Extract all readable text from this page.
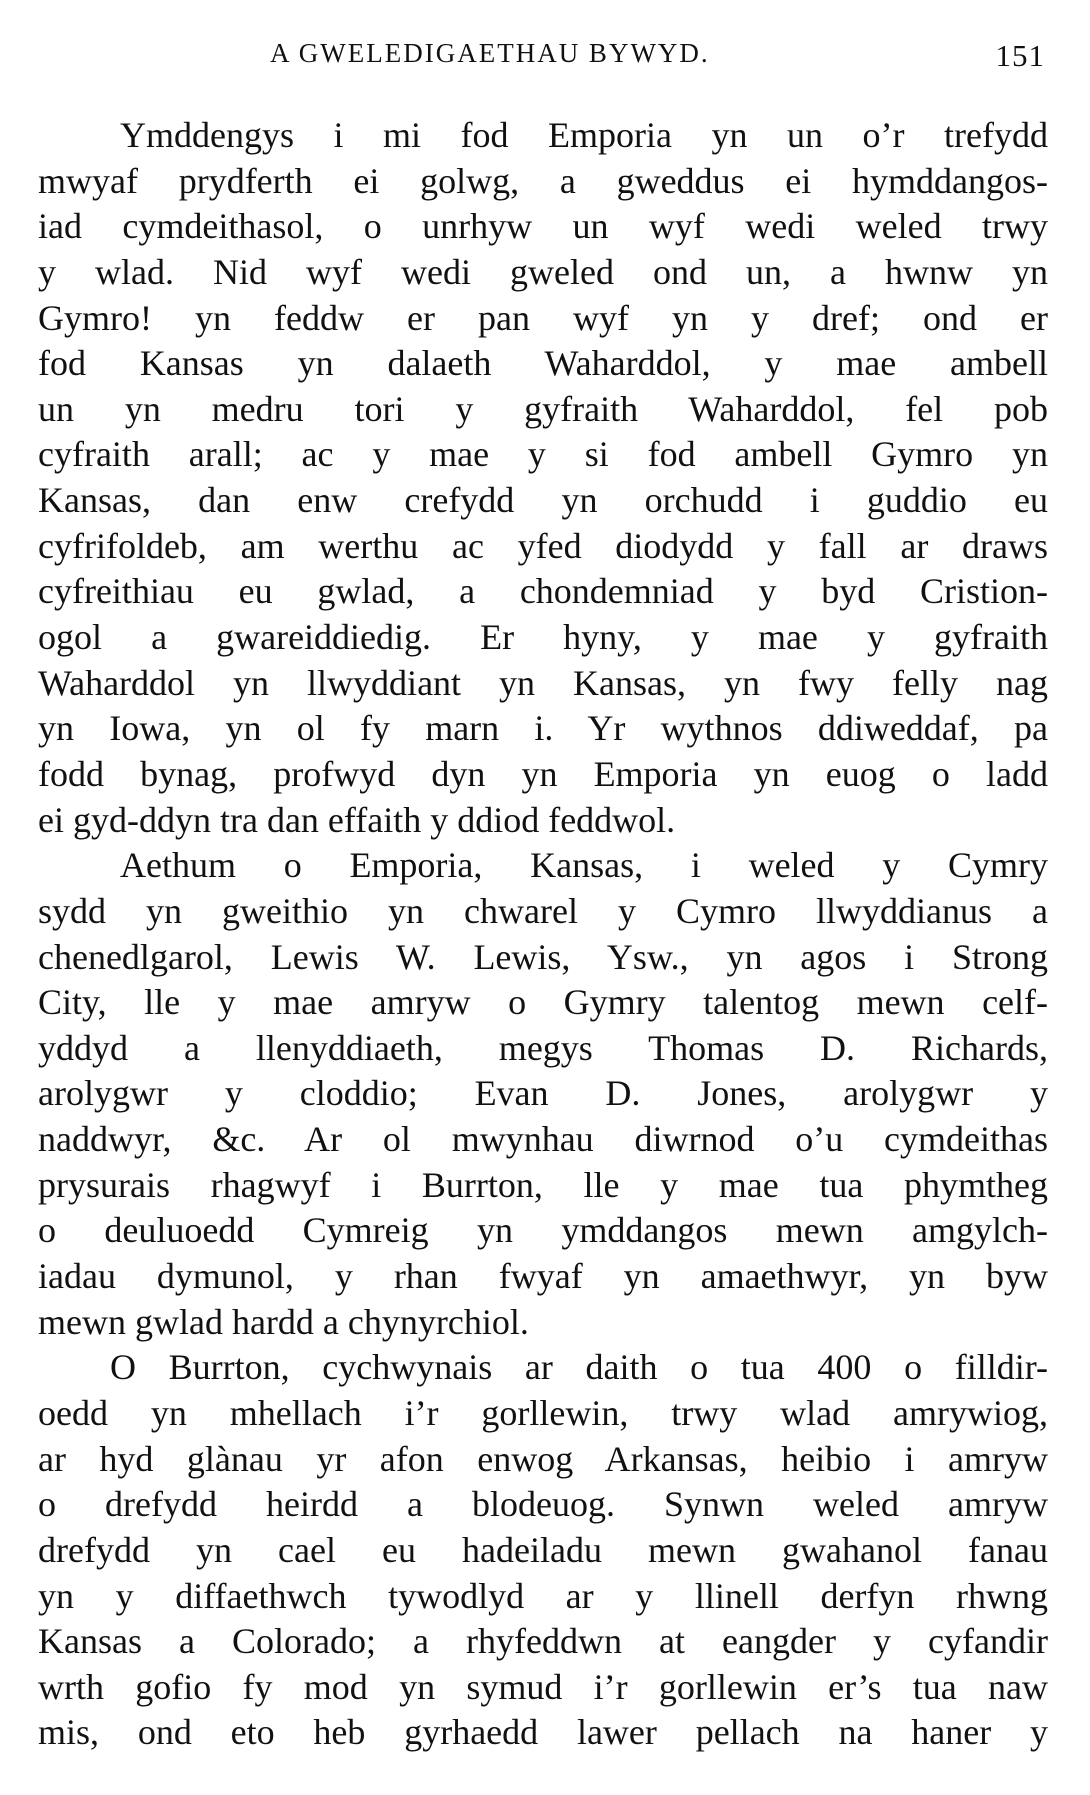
A GWELEDIGAETHAU BYWYD.	151
Ymddengys i mi fod Emporia yn un o’r trefydd
mwyaf prydferth ei golwg, a gweddus ei hymddangos-
iad cymdeithasol, o unrhyw un wyf wedi weled trwy
y wlad. Nid wyf wedi gweled ond un, a hwnw yn
Gymro! yn feddw er pan wyf yn y dref; ond er
fod Kansas yn dalaeth Waharddol, y mae ambell
un yn medru tori y gyfraith Waharddol, fel pob
cyfraith arall; ac y mae y si fod ambell Gymro yn
Kansas, dan enw crefydd yn orchudd i guddio eu
cyfrifoldeb, am werthu ac yfed diodydd y fall ar draws
cyfreithiau eu gwlad, a chondemniad y byd Cristion-
ogol a gwareiddiedig. Er hyny, y mae y gyfraith
Waharddol yn llwyddiant yn Kansas, yn fwy felly nag
yn Iowa, yn ol fy marn i. Yr wythnos ddiweddaf, pa
fodd bynag, profwyd dyn yn Emporia yn euog o ladd
ei gyd-ddyn tra dan effaith y ddiod feddwol.
Aethum o Emporia, Kansas, i weled y Cymry
sydd yn gweithio yn chwarel y Cymro llwyddianus a
chenedlgarol, Lewis W. Lewis, Ysw., yn agos i Strong
City, lle y mae amryw o Gymry talentog mewn celf-
yddyd a llenyddiaeth, megys Thomas D. Richards,
arolygwr y cloddio; Evan D. Jones, arolygwr y
naddwyr, &c. Ar ol mwynhau diwrnod o’u cymdeithas
prysurais rhagwyf i Burrton, lle y mae tua phymtheg
o deuluoedd Cymreig yn ymddangos mewn amgylch-
iadau dymunol, y rhan fwyaf yn amaethwyr, yn byw
mewn gwlad hardd a chynyrchiol.
O Burrton, cychwynais ar daith o tua 400 o filldir-
oedd yn mhellach i’r gorllewin, trwy wlad amrywiog,
ar hyd glànau yr afon enwog Arkansas, heibio i amryw
o drefydd heirdd a blodeuog. Synwn weled amryw
drefydd yn cael eu hadeiladu mewn gwahanol fanau
yn y diffaethwch tywodlyd ar y llinell derfyn rhwng
Kansas a Colorado; a rhyfeddwn at eangder y cyfandir
wrth gofio fy mod yn symud i’r gorllewin er’s tua naw
mis, ond eto heb gyrhaedd lawer pellach na haner y
